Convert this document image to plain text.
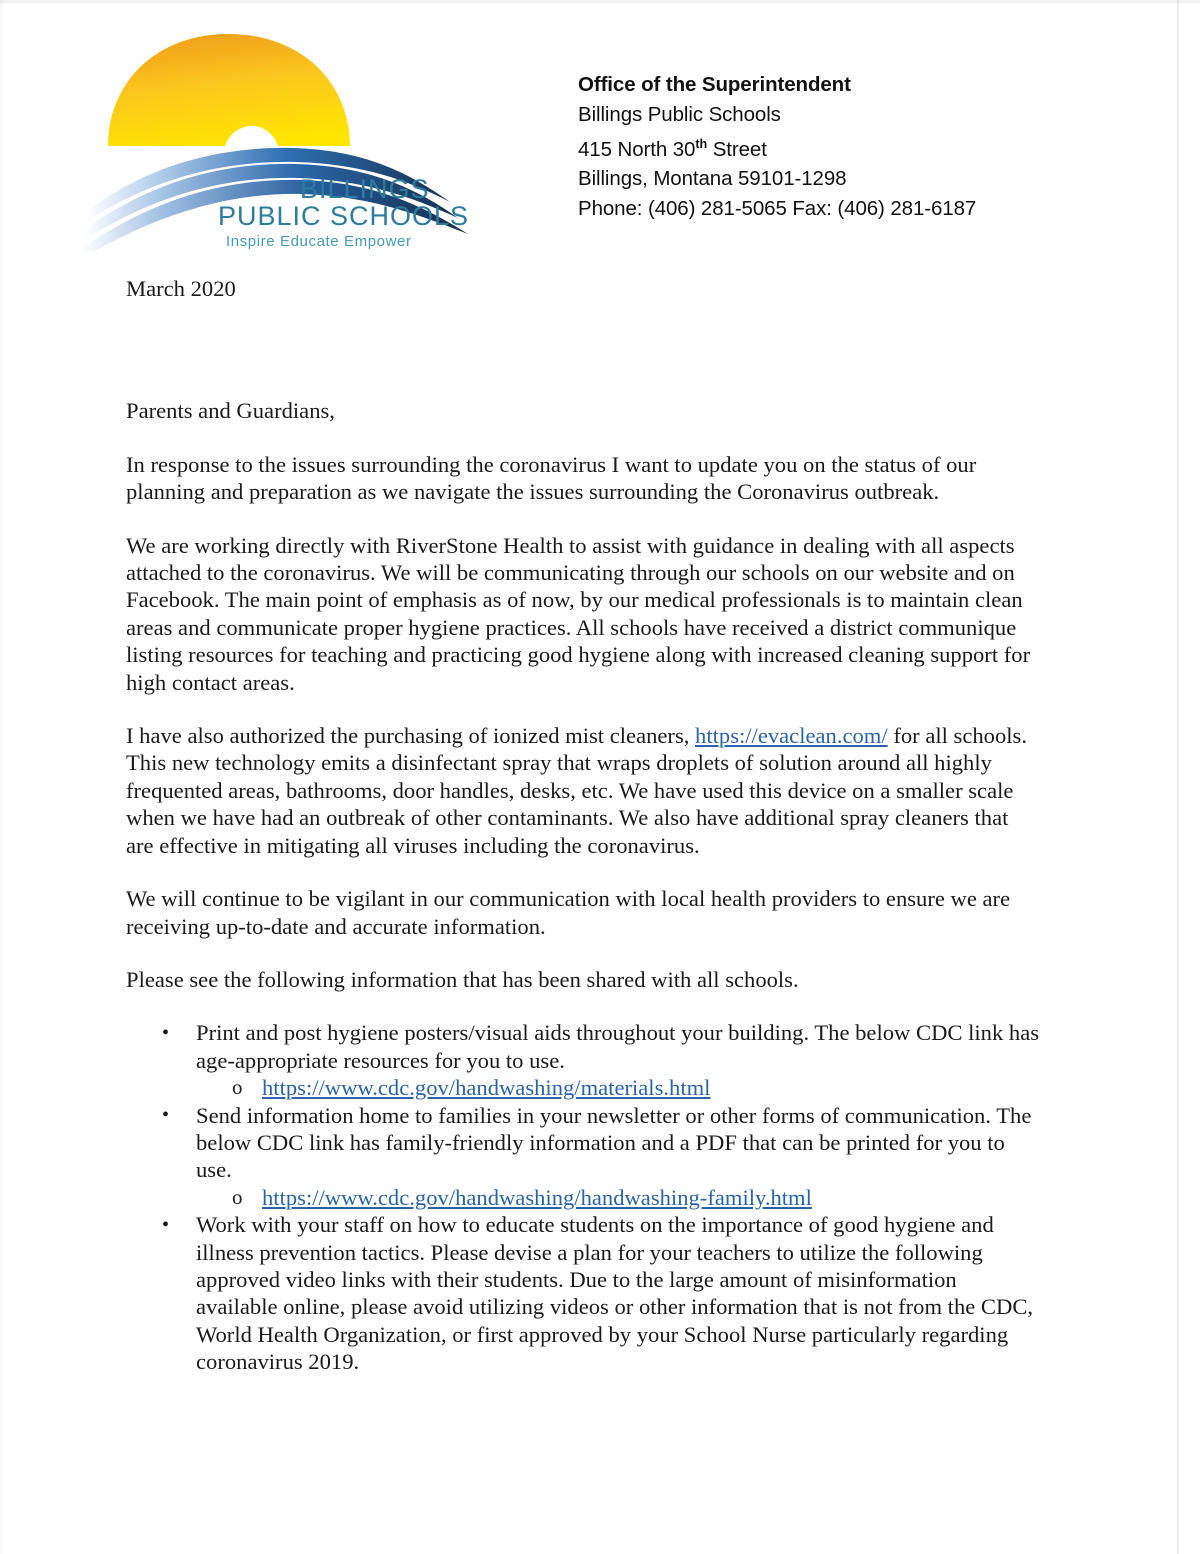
BILLINGS
PUBLIC SCHOOLS
Inspire Educate Empower
Office of the Superintendent
Billings Public Schools
415 North 30th Street
Billings, Montana 59101-1298
Phone: (406) 281-5065 Fax: (406) 281-6187
March 2020
Parents and Guardians,

In response to the issues surrounding the coronavirus I want to update you on the status of our planning and preparation as we navigate the issues surrounding the Coronavirus outbreak.

We are working directly with RiverStone Health to assist with guidance in dealing with all aspects attached to the coronavirus. We will be communicating through our schools on our website and on Facebook. The main point of emphasis as of now, by our medical professionals is to maintain clean areas and communicate proper hygiene practices. All schools have received a district communique listing resources for teaching and practicing good hygiene along with increased cleaning support for high contact areas.

I have also authorized the purchasing of ionized mist cleaners, https://evaclean.com/ for all schools. This new technology emits a disinfectant spray that wraps droplets of solution around all highly frequented areas, bathrooms, door handles, desks, etc. We have used this device on a smaller scale when we have had an outbreak of other contaminants. We also have additional spray cleaners that are effective in mitigating all viruses including the coronavirus.

We will continue to be vigilant in our communication with local health providers to ensure we are receiving up-to-date and accurate information.

Please see the following information that has been shared with all schools.

• Print and post hygiene posters/visual aids throughout your building. The below CDC link has age-appropriate resources for you to use.
o https://www.cdc.gov/handwashing/materials.html
• Send information home to families in your newsletter or other forms of communication. The below CDC link has family-friendly information and a PDF that can be printed for you to use.
o https://www.cdc.gov/handwashing/handwashing-family.html
• Work with your staff on how to educate students on the importance of good hygiene and illness prevention tactics. Please devise a plan for your teachers to utilize the following approved video links with their students. Due to the large amount of misinformation available online, please avoid utilizing videos or other information that is not from the CDC, World Health Organization, or first approved by your School Nurse particularly regarding coronavirus 2019.
